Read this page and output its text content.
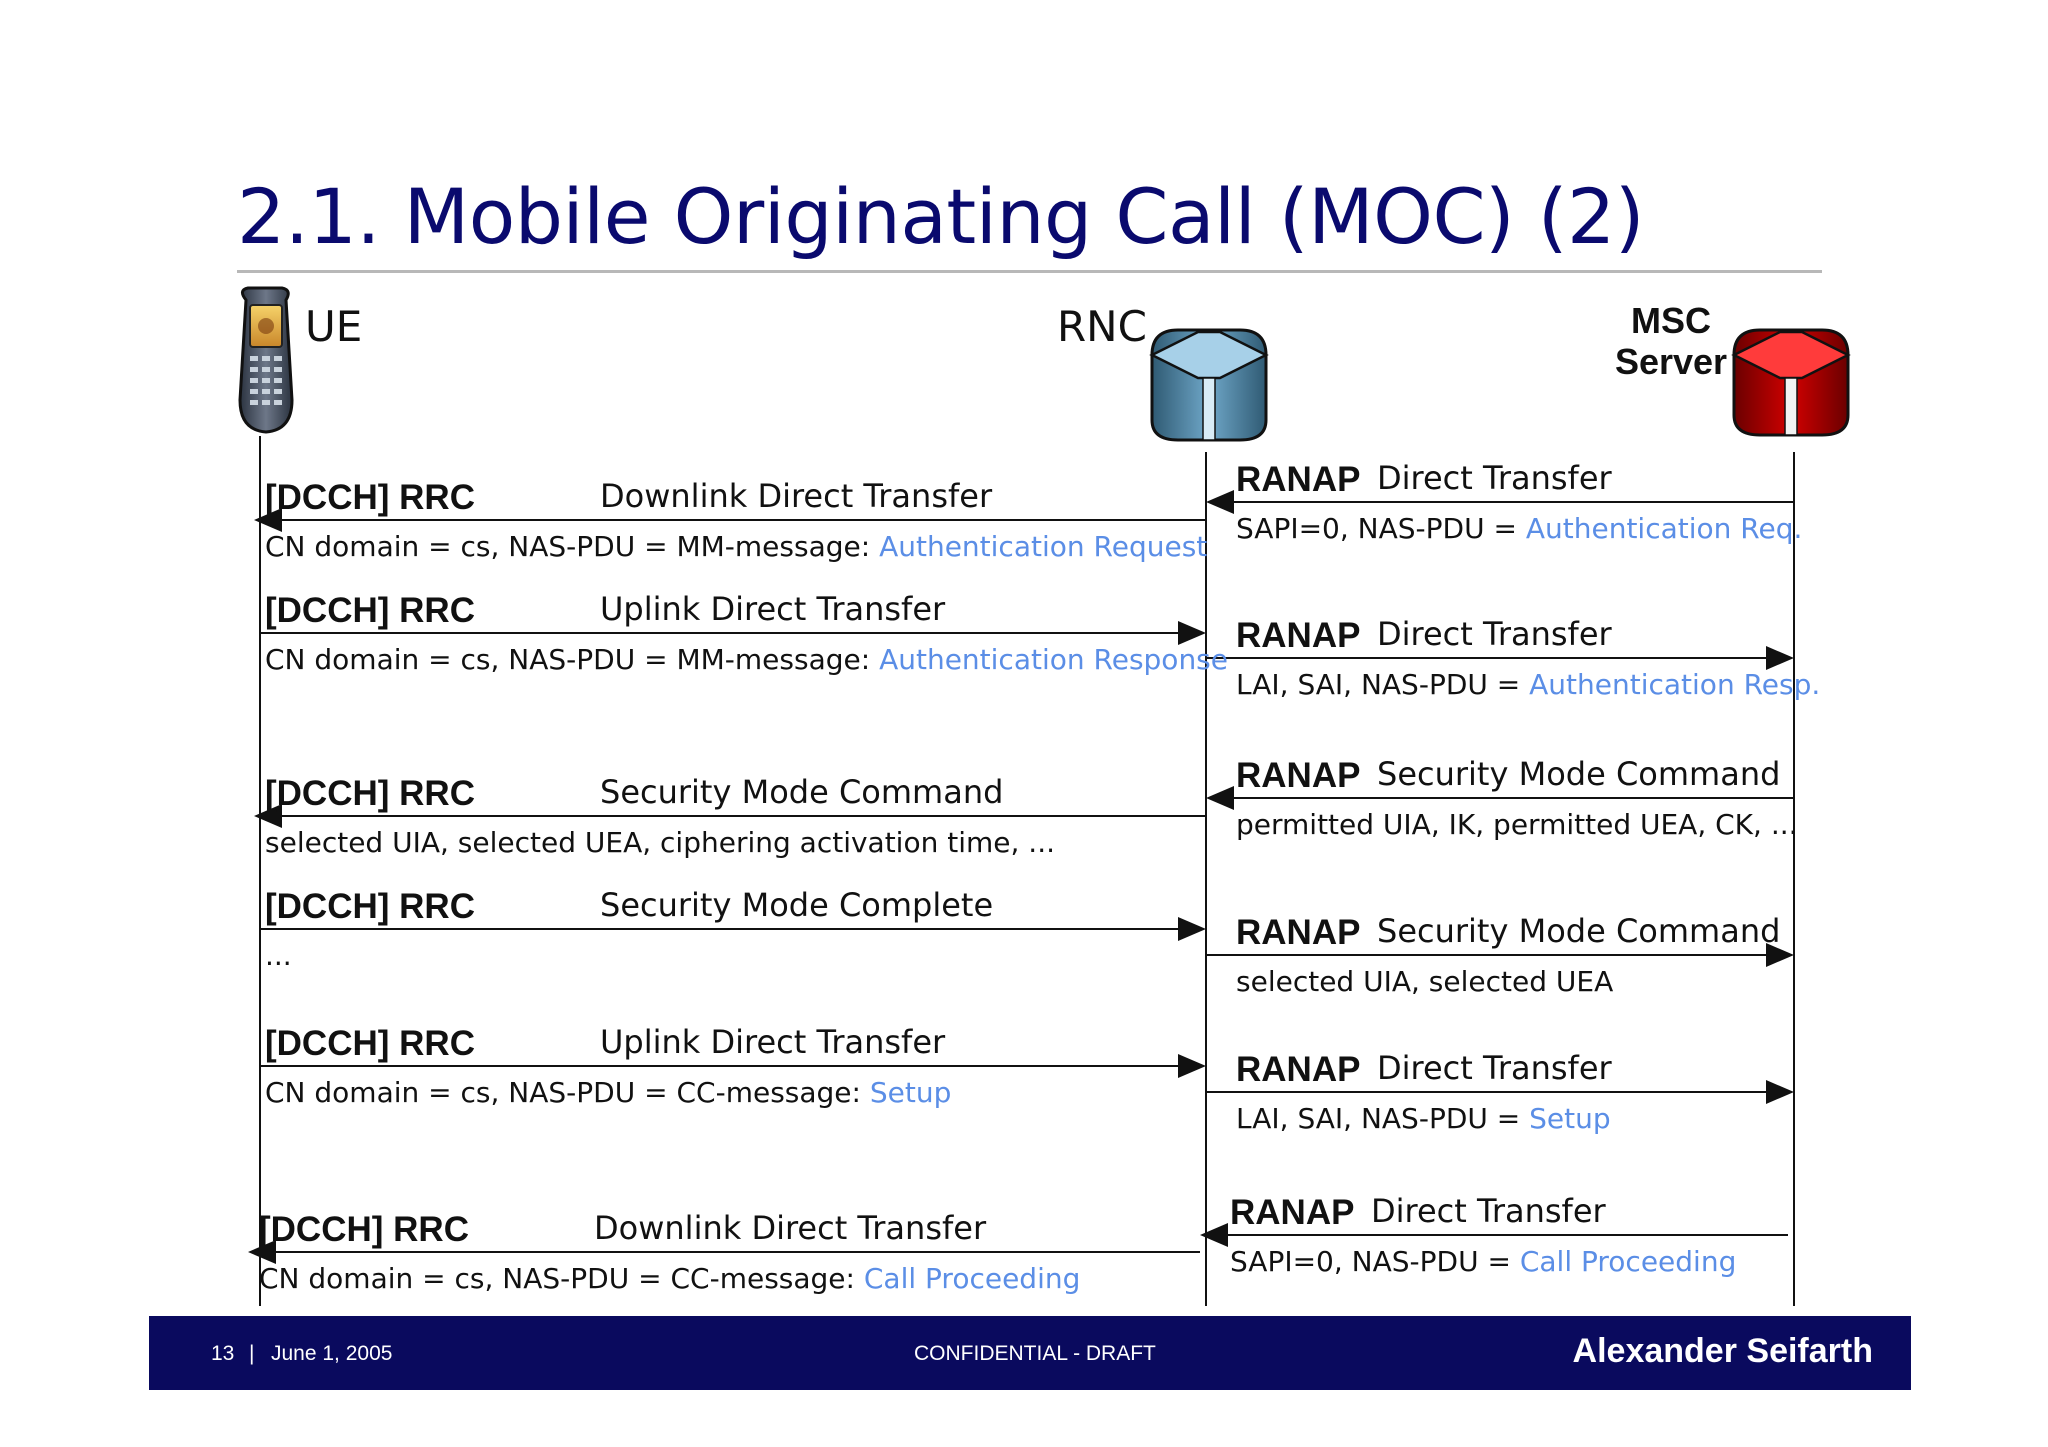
2.1. Mobile Originating Call (MOC) (2)
UE	RNC	MSC
Server
[DCCH] RRC	Downlink Direct Transfer
CN domain = cs, NAS-PDU = MM-message: Authentication Request
RANAP Direct Transfer
SAPI=0, NAS-PDU = Authentication Req.
[DCCH] RRC	Uplink Direct Transfer
CN domain = cs, NAS-PDU = MM-message: Authentication Response
RANAP Direct Transfer
LAI, SAI, NAS-PDU = Authentication Resp.
[DCCH] RRC	Security Mode Command
selected UIA, selected UEA, ciphering activation time, ...
RANAP Security Mode Command
permitted UIA, IK, permitted UEA, CK, ...
[DCCH] RRC	Security Mode Complete
...
RANAP Security Mode Command
selected UIA, selected UEA
[DCCH] RRC	Uplink Direct Transfer
CN domain = cs, NAS-PDU = CC-message: Setup
RANAP Direct Transfer
LAI, SAI, NAS-PDU = Setup
[DCCH] RRC	Downlink Direct Transfer
CN domain = cs, NAS-PDU = CC-message: Call Proceeding
RANAP Direct Transfer
SAPI=0, NAS-PDU = Call Proceeding
13 | June 1, 2005	CONFIDENTIAL - DRAFT	Alexander Seifarth
